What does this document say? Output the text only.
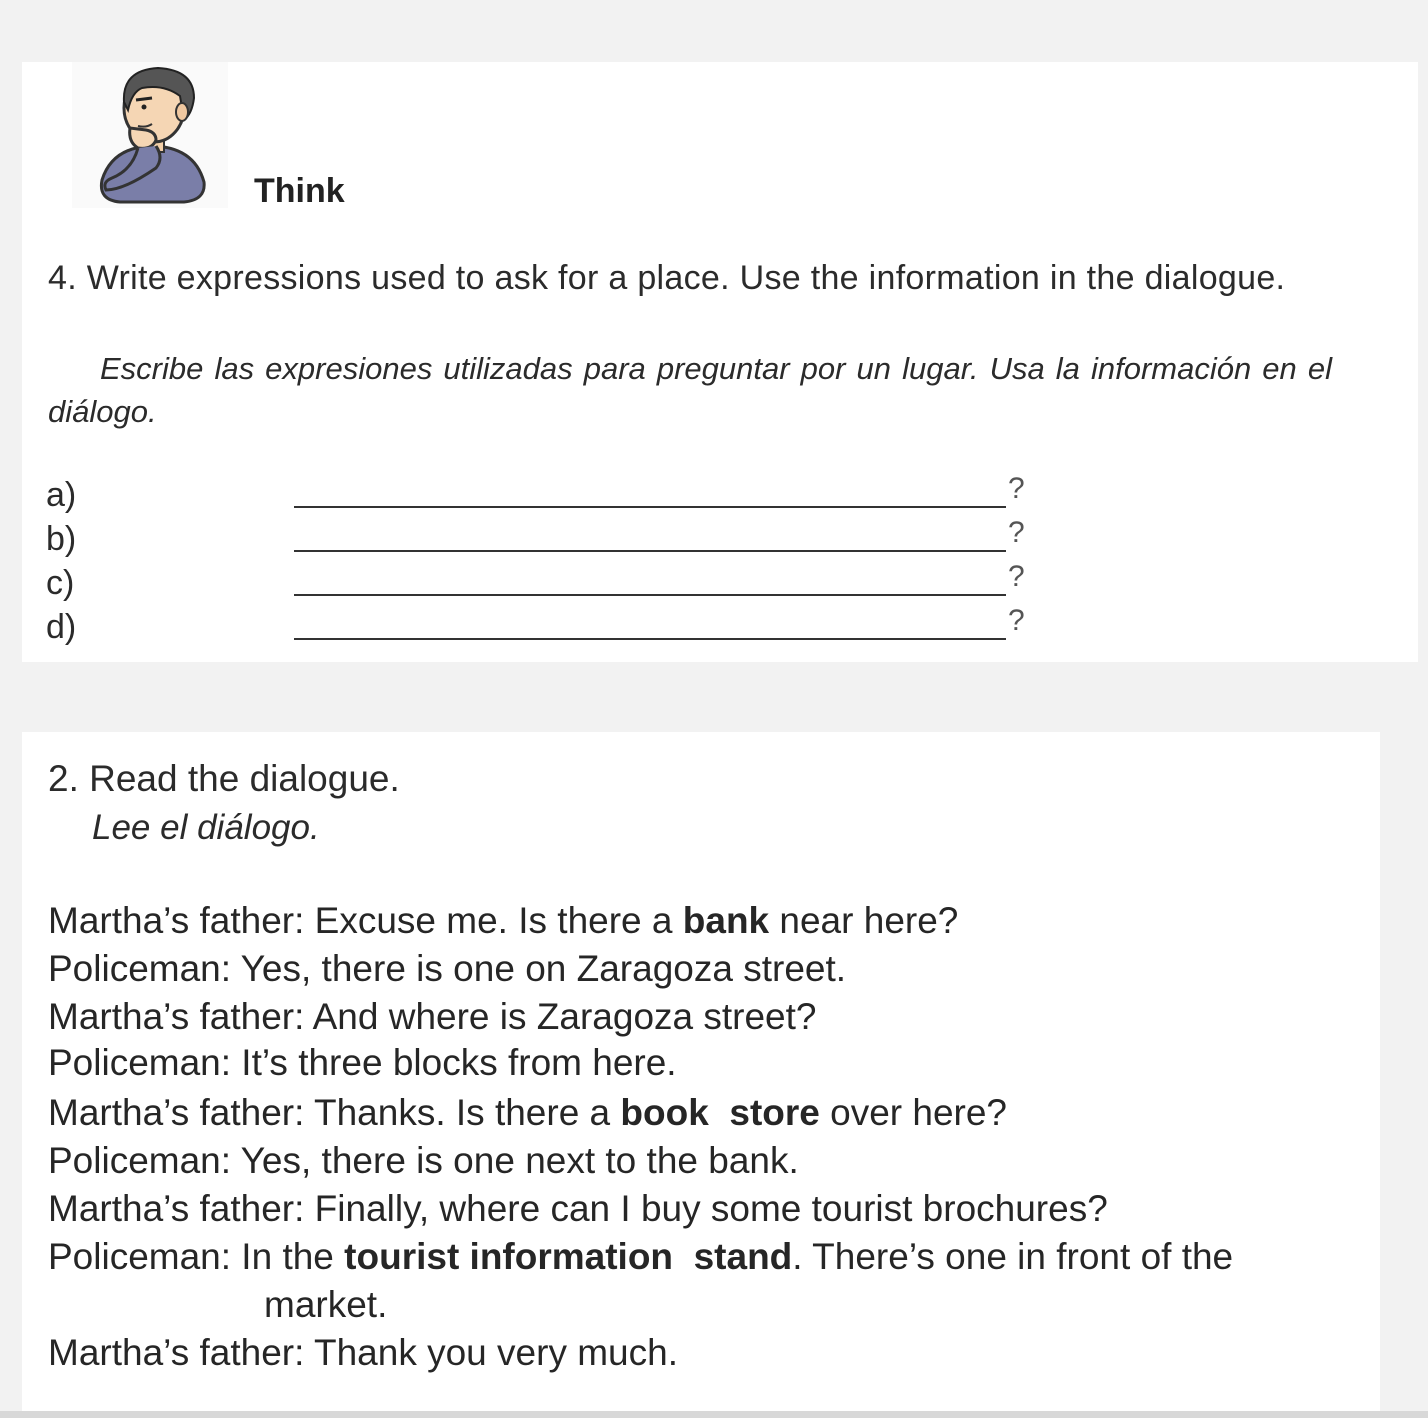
Think
4. Write expressions used to ask for a place. Use the information in the dialogue.
Escribe las expresiones utilizadas para preguntar por un lugar. Usa la información en el diálogo.
a)	?
b)	?
c)	?
d)	?
2. Read the dialogue.
Lee el diálogo.
Martha’s father: Excuse me. Is there a bank near here?
Policeman: Yes, there is one on Zaragoza street.
Martha’s father: And where is Zaragoza street?
Policeman: It’s three blocks from here.
Martha’s father: Thanks. Is there a book  store over here?
Policeman: Yes, there is one next to the bank.
Martha’s father: Finally, where can I buy some tourist brochures?
Policeman: In the tourist information  stand. There’s one in front of the
market.
Martha’s father: Thank you very much.
